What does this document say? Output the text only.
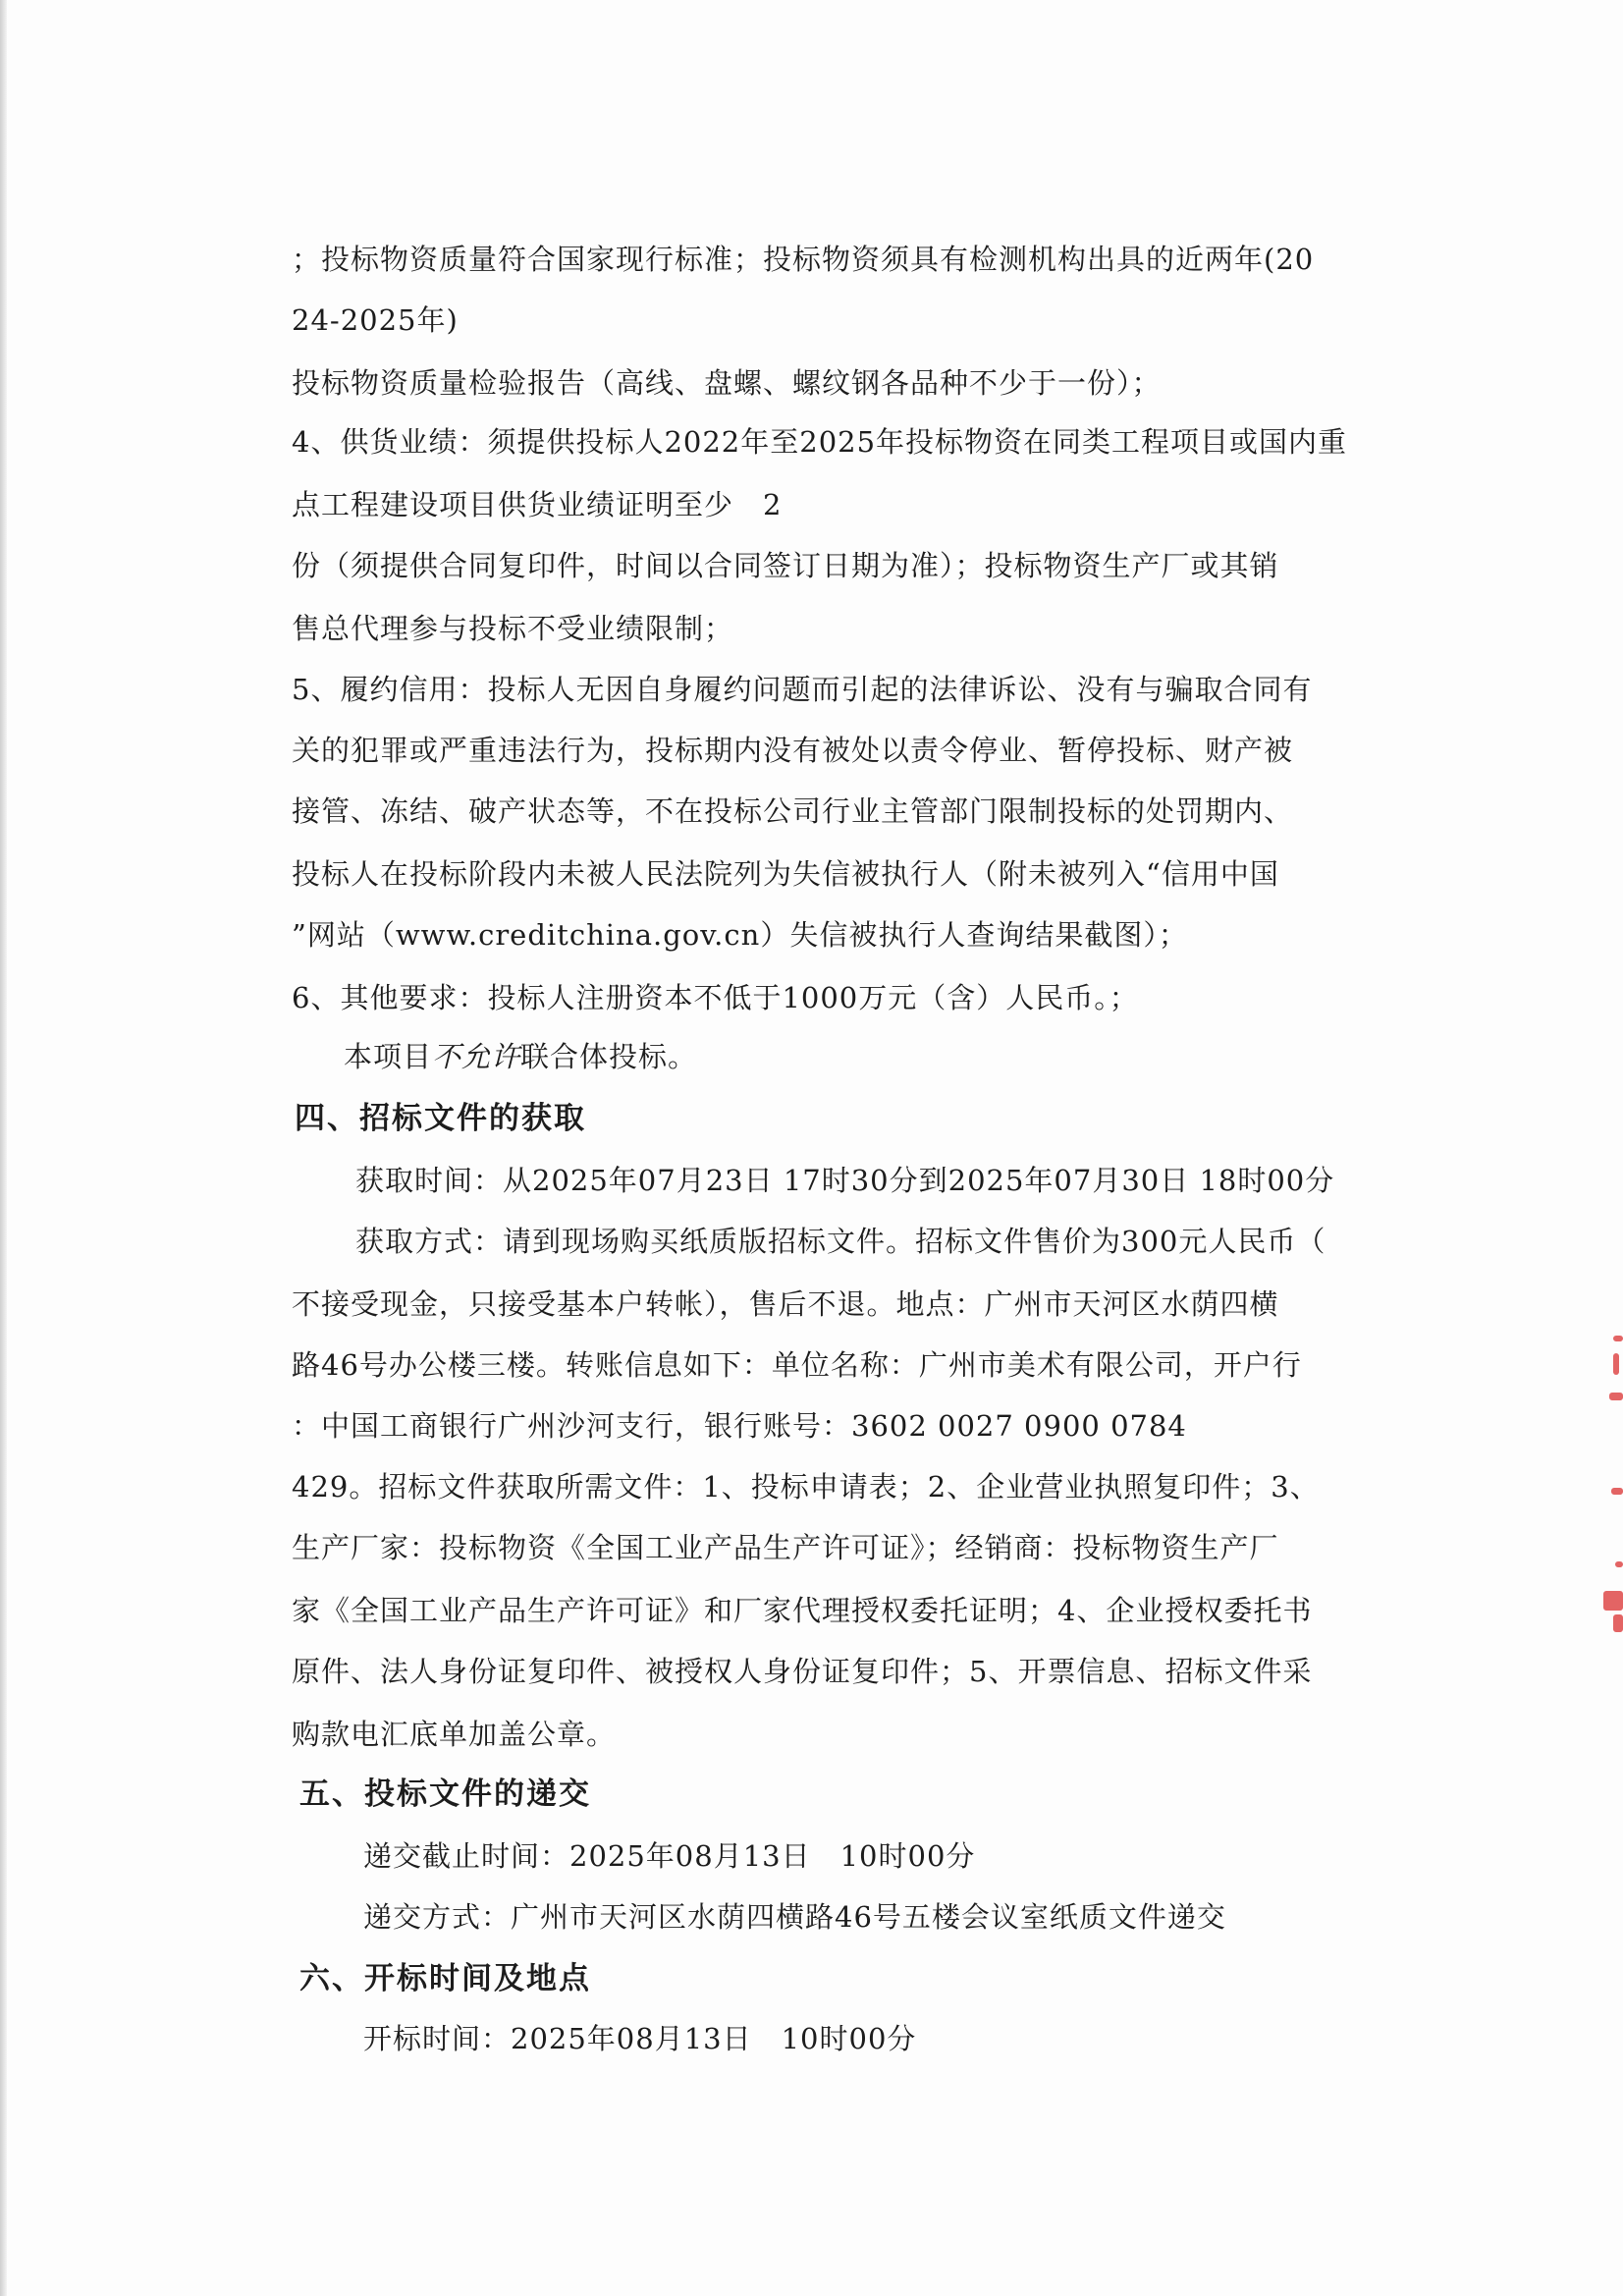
；投标物资质量符合国家现行标准；投标物资须具有检测机构出具的近两年(20
24-2025年)
投标物资质量检验报告（高线、盘螺、螺纹钢各品种不少于一份）；
4、供货业绩：须提供投标人2022年至2025年投标物资在同类工程项目或国内重
点工程建设项目供货业绩证明至少　2
份（须提供合同复印件，时间以合同签订日期为准）；投标物资生产厂或其销
售总代理参与投标不受业绩限制；
5、履约信用：投标人无因自身履约问题而引起的法律诉讼、没有与骗取合同有
关的犯罪或严重违法行为，投标期内没有被处以责令停业、暂停投标、财产被
接管、冻结、破产状态等，不在投标公司行业主管部门限制投标的处罚期内、
投标人在投标阶段内未被人民法院列为失信被执行人（附未被列入“信用中国
”网站（www.creditchina.gov.cn）失信被执行人查询结果截图）；
6、其他要求：投标人注册资本不低于1000万元（含）人民币。；
本项目不允许联合体投标。
四、招标文件的获取
获取时间：从2025年07月23日 17时30分到2025年07月30日 18时00分
获取方式：请到现场购买纸质版招标文件。招标文件售价为300元人民币（
不接受现金，只接受基本户转帐），售后不退。地点：广州市天河区水荫四横
路46号办公楼三楼。转账信息如下：单位名称：广州市美术有限公司，开户行
：中国工商银行广州沙河支行，银行账号：3602 0027 0900 0784
429。招标文件获取所需文件：1、投标申请表；2、企业营业执照复印件；3、
生产厂家：投标物资《全国工业产品生产许可证》；经销商：投标物资生产厂
家《全国工业产品生产许可证》和厂家代理授权委托证明；4、企业授权委托书
原件、法人身份证复印件、被授权人身份证复印件；5、开票信息、招标文件采
购款电汇底单加盖公章。
五、投标文件的递交
递交截止时间：2025年08月13日　10时00分
递交方式：广州市天河区水荫四横路46号五楼会议室纸质文件递交
六、开标时间及地点
开标时间：2025年08月13日　10时00分
